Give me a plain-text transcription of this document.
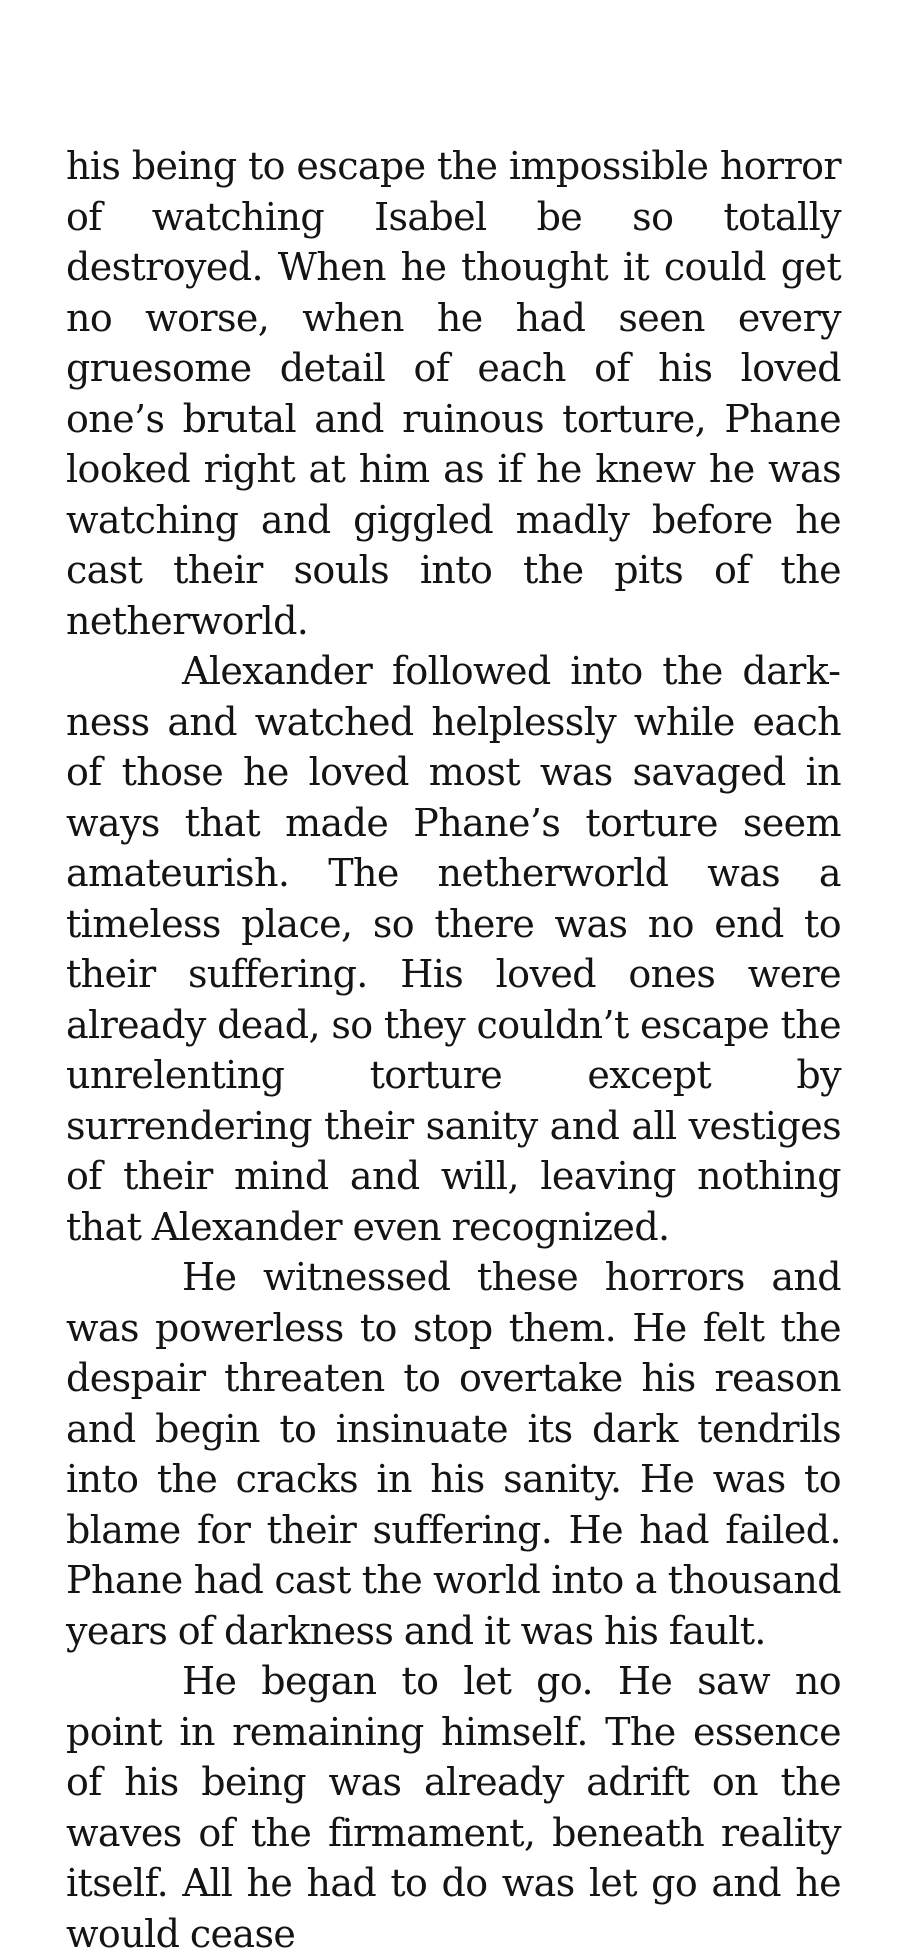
his being to escape the impossible horror of watching Isabel be so totally destroyed. When he thought it could get no worse, when he had seen every gruesome detail of each of his loved one’s brutal and ruinous torture, Phane looked right at him as if he knew he was watching and giggled madly before he cast their souls into the pits of the netherworld.

Alexander followed into the darkness and watched helplessly while each of those he loved most was savaged in ways that made Phane’s torture seem amateurish. The netherworld was a timeless place, so there was no end to their suffering. His loved ones were already dead, so they couldn’t escape the unrelenting torture except by surrendering their sanity and all vestiges of their mind and will, leaving nothing that Alexander even recognized.

He witnessed these horrors and was powerless to stop them. He felt the despair threaten to overtake his reason and begin to insinuate its dark tendrils into the cracks in his sanity. He was to blame for their suffering. He had failed. Phane had cast the world into a thousand years of darkness and it was his fault.

He began to let go. He saw no point in remaining himself. The essence of his being was already adrift on the waves of the firmament, beneath reality itself. All he had to do was let go and he would cease
